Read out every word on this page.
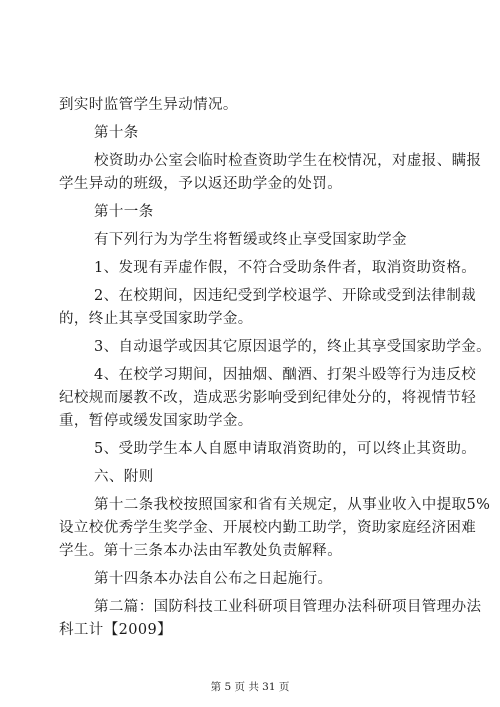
到实时监管学生异动情况。
第十条
校资助办公室会临时检查资助学生在校情况，对虚报、瞒报
学生异动的班级，予以返还助学金的处罚。
第十一条
有下列行为为学生将暂缓或终止享受国家助学金
1、发现有弄虚作假，不符合受助条件者，取消资助资格。
2、在校期间，因违纪受到学校退学、开除或受到法律制裁
的，终止其享受国家助学金。
3、自动退学或因其它原因退学的，终止其享受国家助学金。
4、在校学习期间，因抽烟、酗酒、打架斗殴等行为违反校
纪校规而屡教不改，造成恶劣影响受到纪律处分的，将视情节轻
重，暂停或缓发国家助学金。
5、受助学生本人自愿申请取消资助的，可以终止其资助。
六、附则
第十二条我校按照国家和省有关规定，从事业收入中提取5%
设立校优秀学生奖学金、开展校内勤工助学，资助家庭经济困难
学生。第十三条本办法由军教处负责解释。
第十四条本办法自公布之日起施行。
第二篇：国防科技工业科研项目管理办法科研项目管理办法
科工计【2009】
第 5 页 共 31 页
